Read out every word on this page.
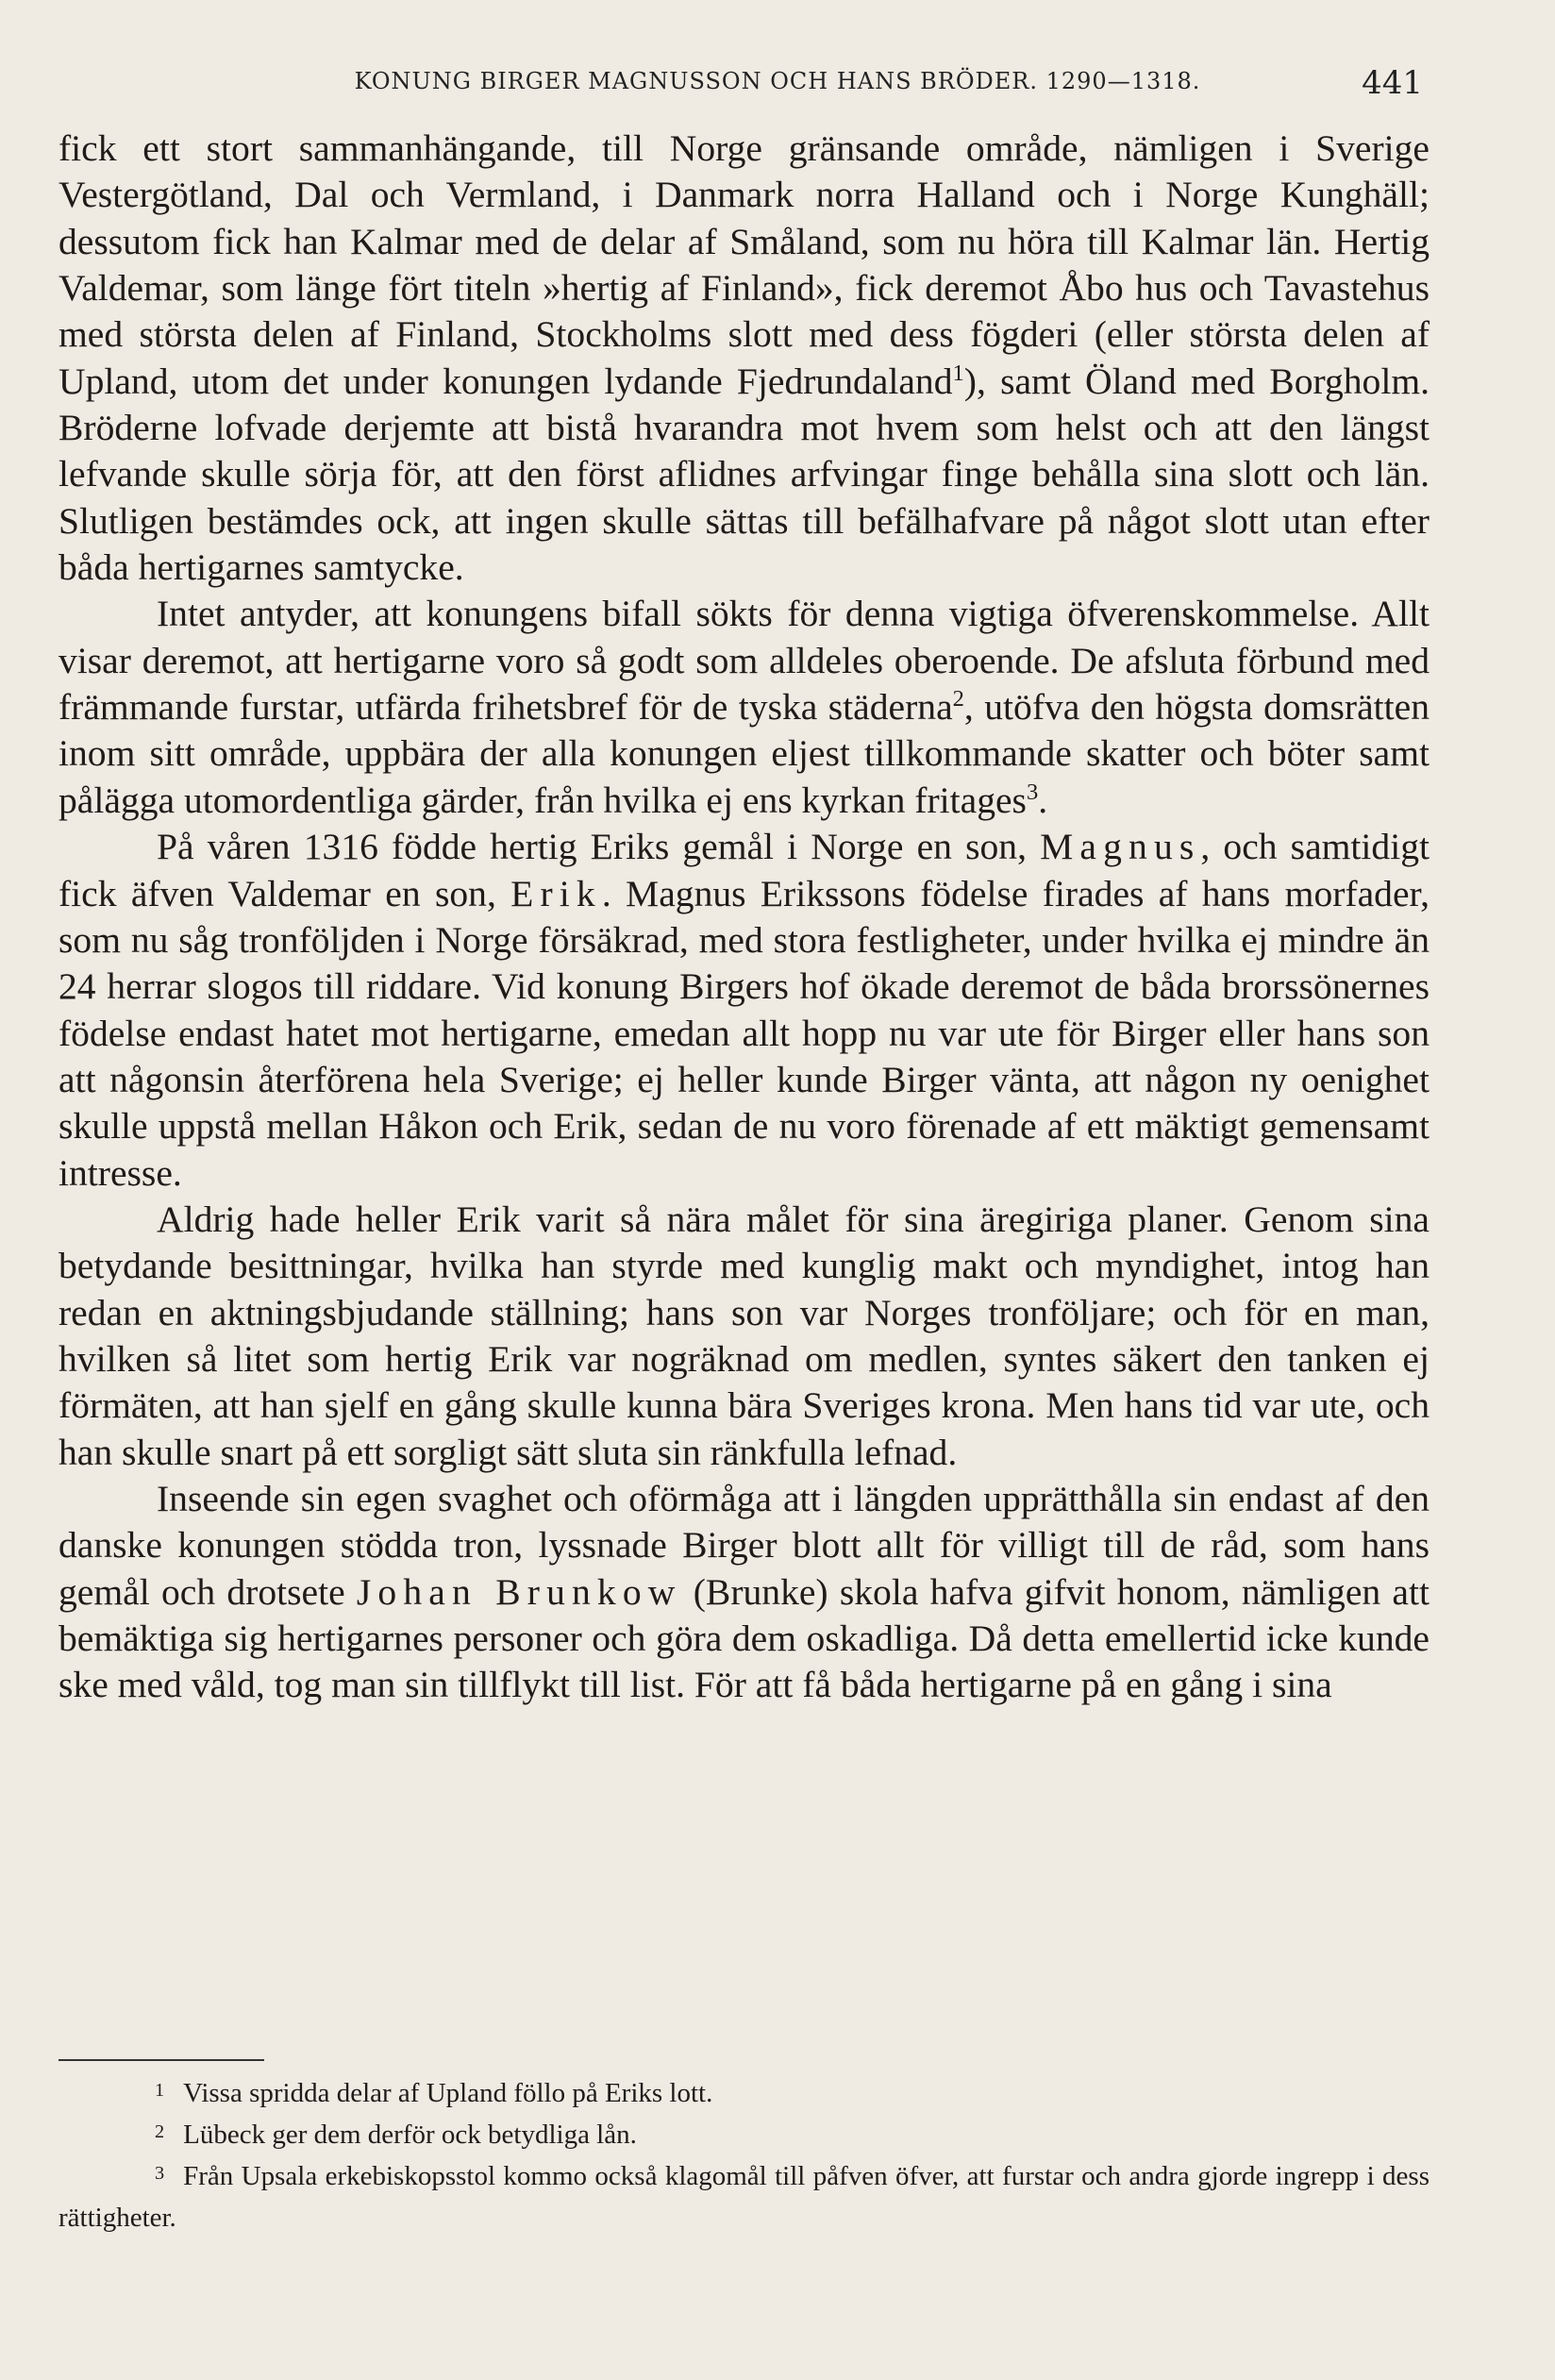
KONUNG BIRGER MAGNUSSON OCH HANS BRÖDER. 1290—1318.	441

fick ett stort sammanhängande, till Norge gränsande område, nämligen i Sverige Vestergötland, Dal och Vermland, i Danmark norra Halland och i Norge Kunghäll; dessutom fick han Kalmar med de delar af Småland, som nu höra till Kalmar län. Hertig Valdemar, som länge fört titeln »hertig af Finland», fick deremot Åbo hus och Tavastehus med största delen af Finland, Stockholms slott med dess fögderi (eller största delen af Upland, utom det under konungen lydande Fjedrundaland$^1$), samt Öland med Borgholm. Bröderne lofvade derjemte att bistå hvarandra mot hvem som helst och att den längst lefvande skulle sörja för, att den först aflidnes arfvingar finge behålla sina slott och län. Slutligen bestämdes ock, att ingen skulle sättas till befälhafvare på något slott utan efter båda hertigarnes samtycke.

Intet antyder, att konungens bifall sökts för denna vigtiga öfverenskommelse. Allt visar deremot, att hertigarne voro så godt som alldeles oberoende. De afsluta förbund med främmande furstar, utfärda frihetsbref för de tyska städerna$^2$, utöfva den högsta domsrätten inom sitt område, uppbära der alla konungen eljest tillkommande skatter och böter samt pålägga utomordentliga gärder, från hvilka ej ens kyrkan fritages$^3$.

På våren 1316 födde hertig Eriks gemål i Norge en son, Magnus, och samtidigt fick äfven Valdemar en son, Erik. Magnus Erikssons födelse firades af hans morfader, som nu såg tronföljden i Norge försäkrad, med stora festligheter, under hvilka ej mindre än 24 herrar slogos till riddare. Vid konung Birgers hof ökade deremot de båda brorssönernes födelse endast hatet mot hertigarne, emedan allt hopp nu var ute för Birger eller hans son att någonsin återförena hela Sverige; ej heller kunde Birger vänta, att någon ny oenighet skulle uppstå mellan Håkon och Erik, sedan de nu voro förenade af ett mäktigt gemensamt intresse.

Aldrig hade heller Erik varit så nära målet för sina äregiriga planer. Genom sina betydande besittningar, hvilka han styrde med kunglig makt och myndighet, intog han redan en aktningsbjudande ställning; hans son var Norges tronföljare; och för en man, hvilken så litet som hertig Erik var nogräknad om medlen, syntes säkert den tanken ej förmäten, att han sjelf en gång skulle kunna bära Sveriges krona. Men hans tid var ute, och han skulle snart på ett sorgligt sätt sluta sin ränkfulla lefnad.

Inseende sin egen svaghet och oförmåga att i längden upprätthålla sin endast af den danske konungen stödda tron, lyssnade Birger blott allt för villigt till de råd, som hans gemål och drotsete Johan Brunkow (Brunke) skola hafva gifvit honom, nämligen att bemäktiga sig hertigarnes personer och göra dem oskadliga. Då detta emellertid icke kunde ske med våld, tog man sin tillflykt till list. För att få båda hertigarne på en gång i sina

$^1$ Vissa spridda delar af Upland föllo på Eriks lott.

$^2$ Lübeck ger dem derför ock betydliga lån.

$^3$ Från Upsala erkebiskopsstol kommo också klagomål till påfven öfver, att furstar och andra gjorde ingrepp i dess rättigheter.
